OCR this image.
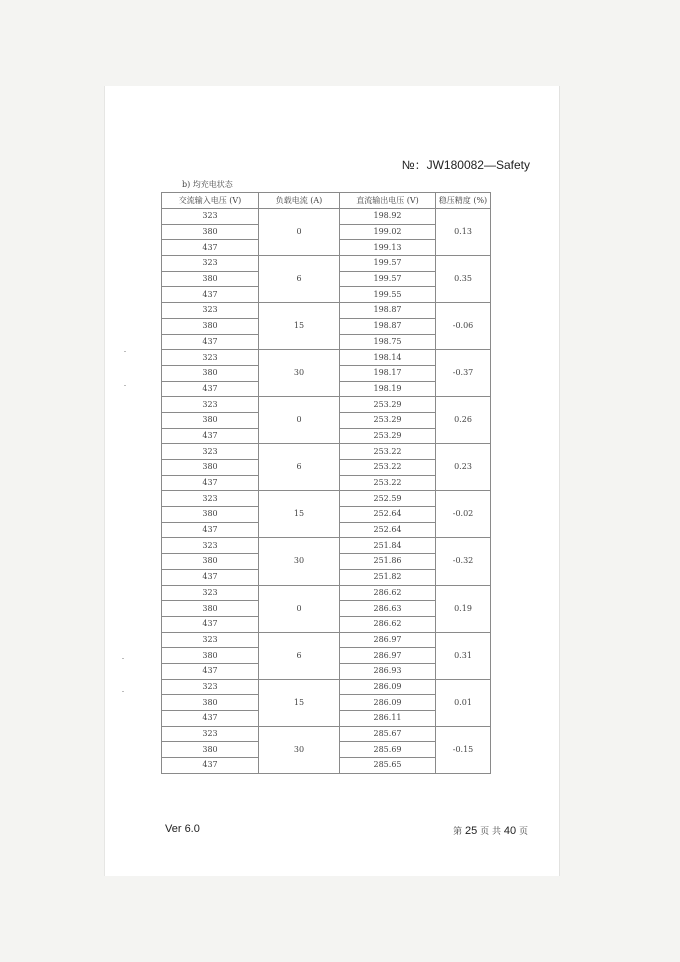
№：JW180082—Safety
b) 均充电状态
交流输入电压 (V)	负载电流 (A)	直流输出电压 (V)	稳压精度 (%)
323	0	198.92	0.13
380		199.02	
437		199.13	
323	6	199.57	0.35
380		199.57	
437		199.55	
323	15	198.87	-0.06
380		198.87	
437		198.75	
323	30	198.14	-0.37
380		198.17	
437		198.19	
323	0	253.29	0.26
380		253.29	
437		253.29	
323	6	253.22	0.23
380		253.22	
437		253.22	
323	15	252.59	-0.02
380		252.64	
437		252.64	
323	30	251.84	-0.32
380		251.86	
437		251.82	
323	0	286.62	0.19
380		286.63	
437		286.62	
323	6	286.97	0.31
380		286.97	
437		286.93	
323	15	286.09	0.01
380		286.09	
437		286.11	
323	30	285.67	-0.15
380		285.69	
437		285.65	
Ver 6.0	第 25 页 共 40 页
